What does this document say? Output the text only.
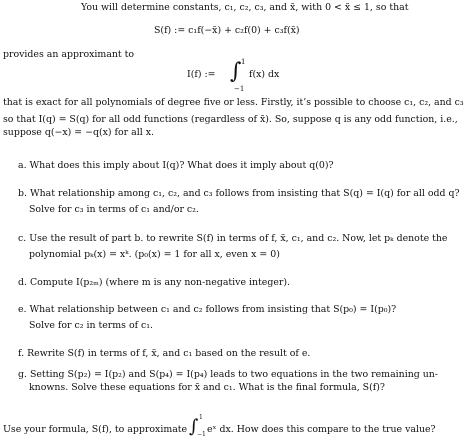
You will determine constants, c₁, c₂, c₃, and x̃, with 0 < x̃ ≤ 1, so that
S(f) := c₁f(−x̃) + c₂f(0) + c₃f(x̃)
provides an approximant to
I(f) := ∫ 1
−1
f(x) dx
that is exact for all polynomials of degree five or less. Firstly, it’s possible to choose c₁, c₂, and c₃
so that I(q) = S(q) for all odd functions (regardless of x̃). So, suppose q is any odd function, i.e.,
suppose q(−x) = −q(x) for all x.
a. What does this imply about I(q)? What does it imply about q(0)?
b. What relationship among c₁, c₂, and c₃ follows from insisting that S(q) = I(q) for all odd q?
Solve for c₃ in terms of c₁ and/or c₂.
c. Use the result of part b. to rewrite S(f) in terms of f, x̃, c₁, and c₂. Now, let pₖ denote the
polynomial pₖ(x) = xᵏ. (p₀(x) = 1 for all x, even x = 0)
d. Compute I(p₂ₘ) (where m is any non-negative integer).
e. What relationship between c₁ and c₂ follows from insisting that S(p₀) = I(p₀)?
Solve for c₂ in terms of c₁.
f. Rewrite S(f) in terms of f, x̃, and c₁ based on the result of e.
g. Setting S(p₂) = I(p₂) and S(p₄) = I(p₄) leads to two equations in the two remaining un-
knowns. Solve these equations for x̃ and c₁. What is the final formula, S(f)?
Use your formula, S(f), to approximate ∫ 1
−1 eˣ dx. How does this compare to the true value?
